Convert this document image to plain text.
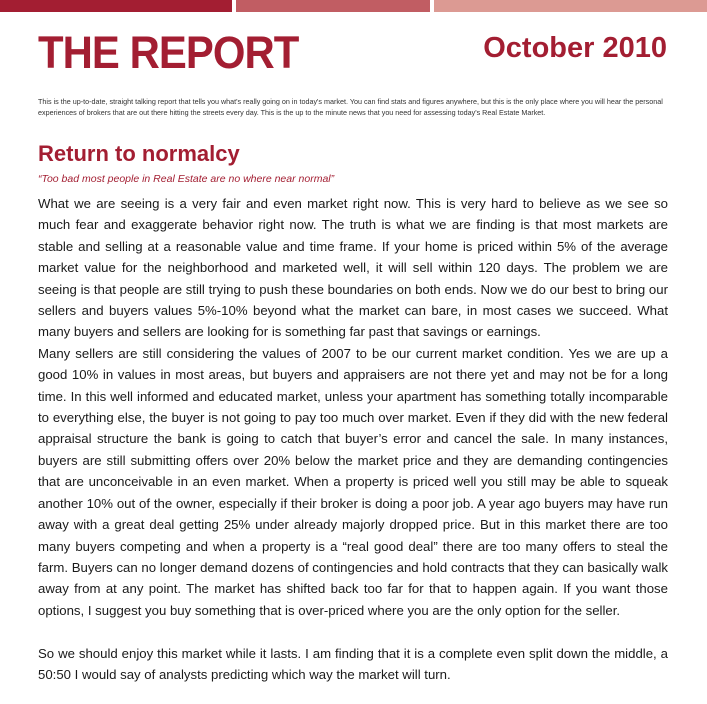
THE REPORT	October 2010
This is the up-to-date, straight talking report that tells you what's really going on in today's market. You can find stats and figures anywhere, but this is the only place where you will hear the personal experiences of brokers that are out there hitting the streets every day. This is the up to the minute news that you need for assessing today's Real Estate Market.
Return to normalcy
“Too bad most people in Real Estate are no where near normal”

What we are seeing is a very fair and even market right now. This is very hard to believe as we see so much fear and exaggerate behavior right now. The truth is what we are finding is that most markets are stable and selling at a reasonable value and time frame. If your home is priced within 5% of the average market value for the neighborhood and marketed well, it will sell within 120 days. The problem we are seeing is that people are still trying to push these boundaries on both ends. Now we do our best to bring our sellers and buyers values 5%-10% beyond what the market can bare, in most cases we succeed. What many buyers and sellers are looking for is something far past that savings or earnings.

Many sellers are still considering the values of 2007 to be our current market condition. Yes we are up a good 10% in values in most areas, but buyers and appraisers are not there yet and may not be for a long time. In this well informed and educated market, unless your apartment has something totally incomparable to everything else, the buyer is not going to pay too much over market. Even if they did with the new federal appraisal structure the bank is going to catch that buyer’s error and cancel the sale. In many instances, buyers are still submitting offers over 20% below the market price and they are demanding contingencies that are unconceivable in an even market. When a property is priced well you still may be able to squeak another 10% out of the owner, especially if their broker is doing a poor job. A year ago buyers may have run away with a great deal getting 25% under already majorly dropped price. But in this market there are too many buyers competing and when a property is a “real good deal” there are too many offers to steal the farm. Buyers can no longer demand dozens of contingencies and hold contracts that they can basically walk away from at any point. The market has shifted back too far for that to happen again. If you want those options, I suggest you buy something that is over-priced where you are the only option for the seller.

So we should enjoy this market while it lasts. I am finding that it is a complete even split down the middle, a 50:50 I would say of analysts predicting which way the market will turn.
